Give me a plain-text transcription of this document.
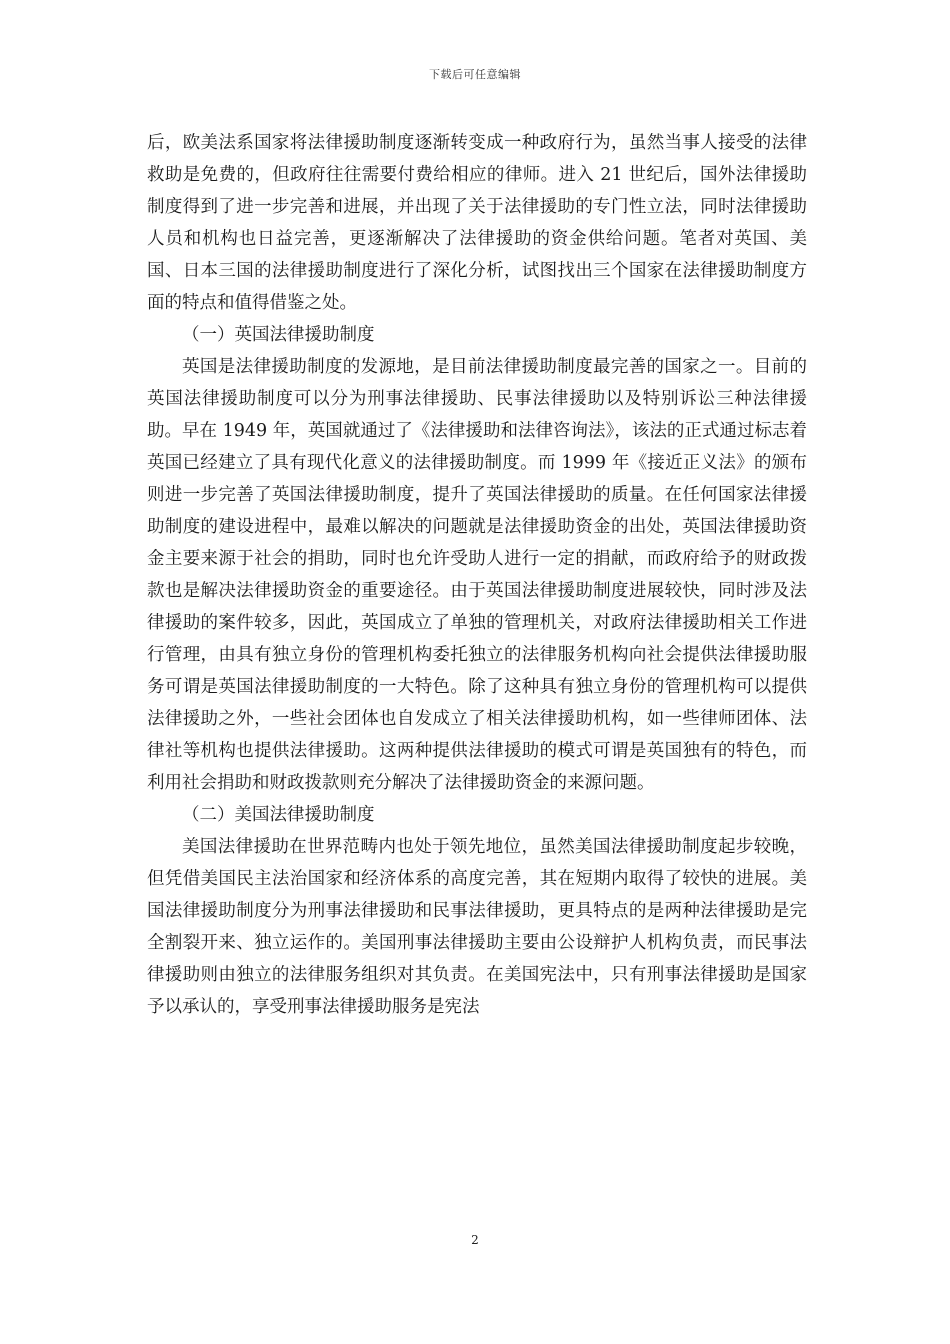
下载后可任意编辑

后，欧美法系国家将法律援助制度逐渐转变成一种政府行为，虽然当事人接受的法律救助是免费的，但政府往往需要付费给相应的律师。进入 21 世纪后，国外法律援助制度得到了进一步完善和进展，并出现了关于法律援助的专门性立法，同时法律援助人员和机构也日益完善，更逐渐解决了法律援助的资金供给问题。笔者对英国、美国、日本三国的法律援助制度进行了深化分析，试图找出三个国家在法律援助制度方面的特点和值得借鉴之处。

（一）英国法律援助制度

英国是法律援助制度的发源地，是目前法律援助制度最完善的国家之一。目前的英国法律援助制度可以分为刑事法律援助、民事法律援助以及特别诉讼三种法律援助。早在 1949 年，英国就通过了《法律援助和法律咨询法》，该法的正式通过标志着英国已经建立了具有现代化意义的法律援助制度。而 1999 年《接近正义法》的颁布则进一步完善了英国法律援助制度，提升了英国法律援助的质量。在任何国家法律援助制度的建设进程中，最难以解决的问题就是法律援助资金的出处，英国法律援助资金主要来源于社会的捐助，同时也允许受助人进行一定的捐献，而政府给予的财政拨款也是解决法律援助资金的重要途径。由于英国法律援助制度进展较快，同时涉及法律援助的案件较多，因此，英国成立了单独的管理机关，对政府法律援助相关工作进行管理，由具有独立身份的管理机构委托独立的法律服务机构向社会提供法律援助服务可谓是英国法律援助制度的一大特色。除了这种具有独立身份的管理机构可以提供法律援助之外，一些社会团体也自发成立了相关法律援助机构，如一些律师团体、法律社等机构也提供法律援助。这两种提供法律援助的模式可谓是英国独有的特色，而利用社会捐助和财政拨款则充分解决了法律援助资金的来源问题。

（二）美国法律援助制度

美国法律援助在世界范畴内也处于领先地位，虽然美国法律援助制度起步较晚，但凭借美国民主法治国家和经济体系的高度完善，其在短期内取得了较快的进展。美国法律援助制度分为刑事法律援助和民事法律援助，更具特点的是两种法律援助是完全割裂开来、独立运作的。美国刑事法律援助主要由公设辩护人机构负责，而民事法律援助则由独立的法律服务组织对其负责。在美国宪法中，只有刑事法律援助是国家予以承认的，享受刑事法律援助服务是宪法

2
